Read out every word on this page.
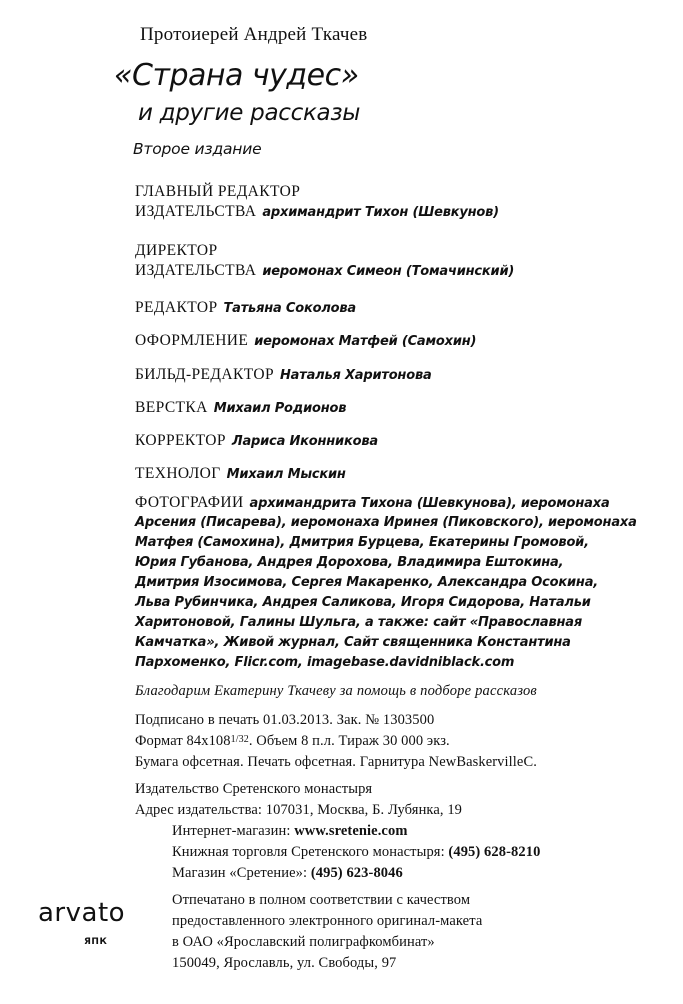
Протоиерей Андрей Ткачев
«Страна чудес»
и другие рассказы
Второе издание
ГЛАВНЫЙ РЕДАКТОР
ИЗДАТЕЛЬСТВА архимандрит Тихон (Шевкунов)
ДИРЕКТОР
ИЗДАТЕЛЬСТВА иеромонах Симеон (Томачинский)
РЕДАКТОР Татьяна Соколова
ОФОРМЛЕНИЕ иеромонах Матфей (Самохин)
БИЛЬД-РЕДАКТОР Наталья Харитонова
ВЕРСТКА Михаил Родионов
КОРРЕКТОР Лариса Иконникова
ТЕХНОЛОГ Михаил Мыскин
ФОТОГРАФИИ архимандрита Тихона (Шевкунова), иеромонаха
Арсения (Писарева), иеромонаха Иринея (Пиковского), иеромонаха
Матфея (Самохина), Дмитрия Бурцева, Екатерины Громовой,
Юрия Губанова, Андрея Дорохова, Владимира Ештокина,
Дмитрия Изосимова, Сергея Макаренко, Александра Осокина,
Льва Рубинчика, Андрея Саликова, Игоря Сидорова, Натальи
Харитоновой, Галины Шульга, а также: сайт «Православная
Камчатка», Живой журнал, Сайт священника Константина
Пархоменко, Flicr.com, imagebase.davidniblack.com
Благодарим Екатерину Ткачеву за помощь в подборе рассказов
Подписано в печать 01.03.2013. Зак. № 1303500
Формат $84х108^{1/32}$. Объем 8 п.л. Тираж 30 000 экз.
Бумага офсетная. Печать офсетная. Гарнитура NewBaskervilleC.
Издательство Сретенского монастыря
Адрес издательства: 107031, Москва, Б. Лубянка, 19
Интернет-магазин: www.sretenie.com
Книжная торговля Сретенского монастыря: (495) 628-8210
Магазин «Сретение»: (495) 623-8046
arvato
ЯПК
Отпечатано в полном соответствии с качеством
предоставленного электронного оригинал-макета
в ОАО «Ярославский полиграфкомбинат»
150049, Ярославль, ул. Свободы, 97
